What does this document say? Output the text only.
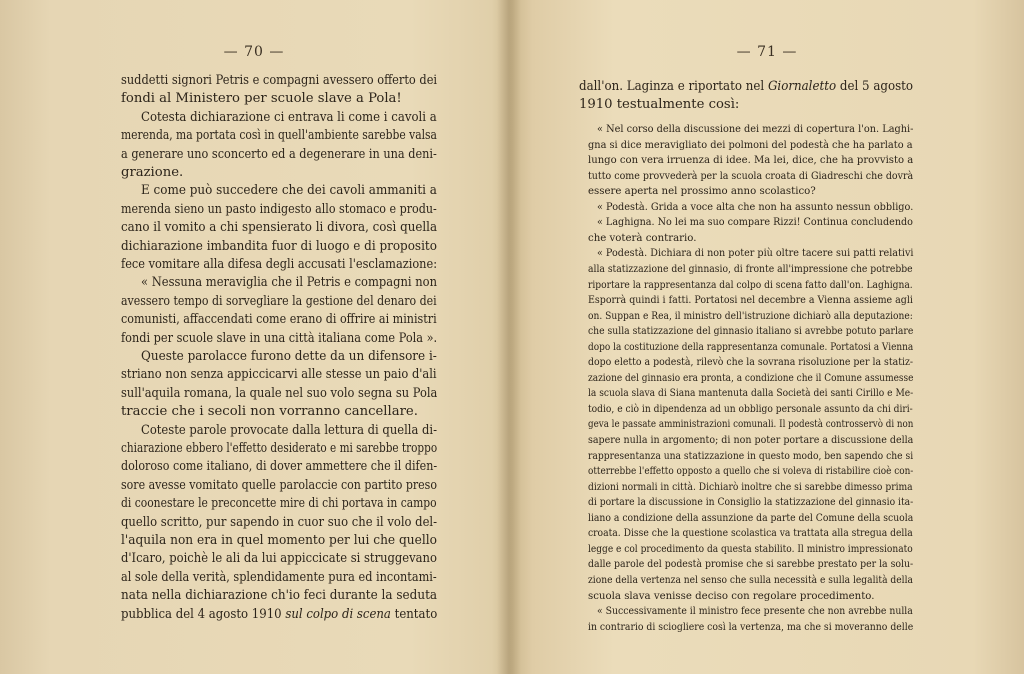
— 70 —
suddetti signori Petris e compagni avessero offerto dei
fondi al Ministero per scuole slave a Pola!
Cotesta dichiarazione ci entrava li come i cavoli a
merenda, ma portata così in quell'ambiente sarebbe valsa
a generare uno sconcerto ed a degenerare in una deni-
grazione.
E come può succedere che dei cavoli ammaniti a
merenda sieno un pasto indigesto allo stomaco e produ-
cano il vomito a chi spensierato li divora, così quella
dichiarazione imbandita fuor di luogo e di proposito
fece vomitare alla difesa degli accusati l'esclamazione:
« Nessuna meraviglia che il Petris e compagni non
avessero tempo di sorvegliare la gestione del denaro dei
comunisti, affaccendati come erano di offrire ai ministri
fondi per scuole slave in una città italiana come Pola ».
Queste parolacce furono dette da un difensore i-
striano non senza appiccicarvi alle stesse un paio d'ali
sull'aquila romana, la quale nel suo volo segna su Pola
traccie che i secoli non vorranno cancellare.
Coteste parole provocate dalla lettura di quella di-
chiarazione ebbero l'effetto desiderato e mi sarebbe troppo
doloroso come italiano, di dover ammettere che il difen-
sore avesse vomitato quelle parolaccie con partito preso
di coonestare le preconcette mire di chi portava in campo
quello scritto, pur sapendo in cuor suo che il volo del-
l'aquila non era in quel momento per lui che quello
d'Icaro, poichè le ali da lui appiccicate si struggevano
al sole della verità, splendidamente pura ed incontami-
nata nella dichiarazione ch'io feci durante la seduta
pubblica del 4 agosto 1910 sul colpo di scena tentato
— 71 —
dall'on. Laginza e riportato nel Giornaletto del 5 agosto
1910 testualmente così:
« Nel corso della discussione dei mezzi di copertura l'on. Laghi-
gna si dice meravigliato dei polmoni del podestà che ha parlato a
lungo con vera irruenza di idee. Ma lei, dice, che ha provvisto a
tutto come provvederà per la scuola croata di Giadreschi che dovrà
essere aperta nel prossimo anno scolastico?
« Podestà. Grida a voce alta che non ha assunto nessun obbligo.
« Laghigna. No lei ma suo compare Rizzi! Continua concludendo
che voterà contrario.
« Podestà. Dichiara di non poter più oltre tacere sui patti relativi
alla statizzazione del ginnasio, di fronte all'impressione che potrebbe
riportare la rappresentanza dal colpo di scena fatto dall'on. Laghigna.
Esporrà quindi i fatti. Portatosi nel decembre a Vienna assieme agli
on. Suppan e Rea, il ministro dell'istruzione dichiarò alla deputazione:
che sulla statizzazione del ginnasio italiano si avrebbe potuto parlare
dopo la costituzione della rappresentanza comunale. Portatosi a Vienna
dopo eletto a podestà, rilevò che la sovrana risoluzione per la statiz-
zazione del ginnasio era pronta, a condizione che il Comune assumesse
la scuola slava di Siana mantenuta dalla Società dei santi Cirillo e Me-
todio, e ciò in dipendenza ad un obbligo personale assunto da chi diri-
geva le passate amministrazioni comunali. Il podestà controsservò di non
sapere nulla in argomento; di non poter portare a discussione della
rappresentanza una statizzazione in questo modo, ben sapendo che si
otterrebbe l'effetto opposto a quello che si voleva di ristabilire cioè con-
dizioni normali in città. Dichiarò inoltre che si sarebbe dimesso prima
di portare la discussione in Consiglio la statizzazione del ginnasio ita-
liano a condizione della assunzione da parte del Comune della scuola
croata. Disse che la questione scolastica va trattata alla stregua della
legge e col procedimento da questa stabilito. Il ministro impressionato
dalle parole del podestà promise che si sarebbe prestato per la solu-
zione della vertenza nel senso che sulla necessità e sulla legalità della
scuola slava venisse deciso con regolare procedimento.
« Successivamente il ministro fece presente che non avrebbe nulla
in contrario di sciogliere così la vertenza, ma che si moveranno delle
